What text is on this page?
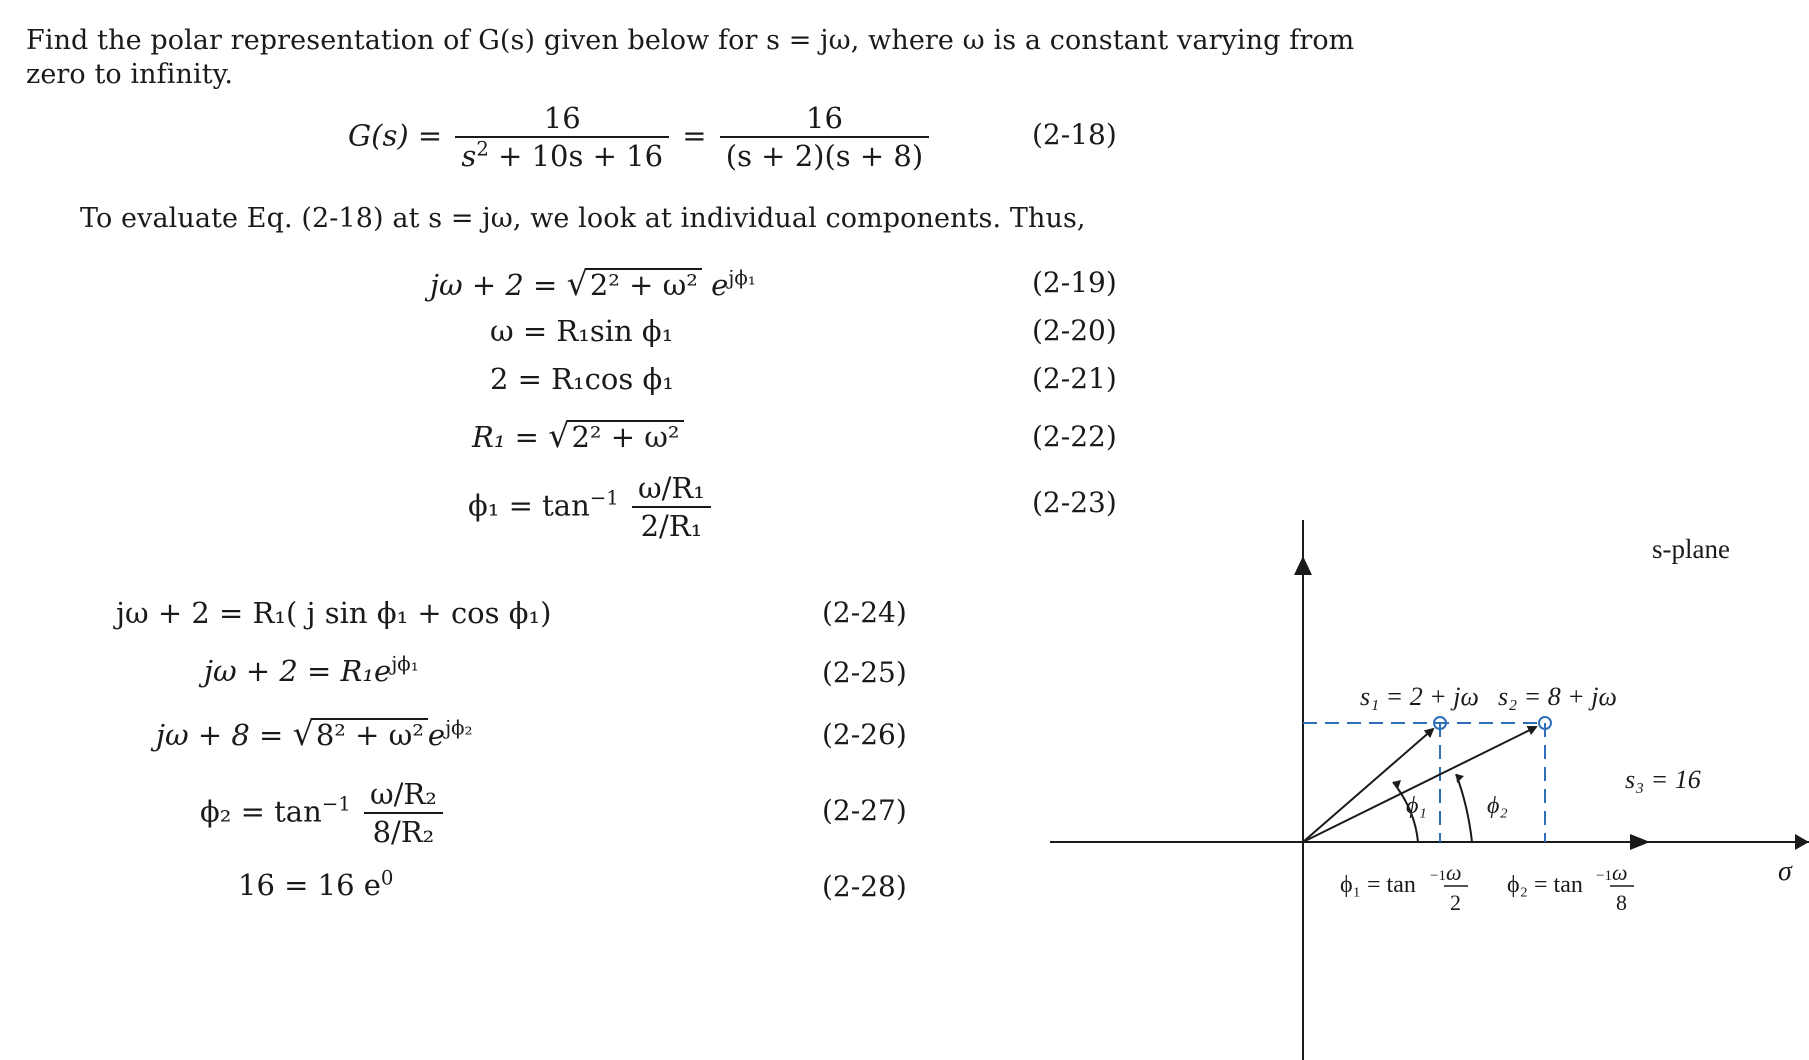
Find the polar representation of G(s) given below for s = jω, where ω is a constant varying from
zero to infinity.
$G(s) = \frac{16}{s^2 + 10s + 16} = \frac{16}{(s + 2)(s + 8)}$	(2-18)
To evaluate Eq. (2-18) at s = jω, we look at individual components. Thus,
jω + 2 = √2² + ω² $e^{j\phi_1}$	(2-19)
ω = R₁sin ϕ₁	(2-20)
2 = R₁cos ϕ₁	(2-21)
R₁ = √2² + ω²	(2-22)
$\phi_1 = \tan^{-1} \frac{\text{ω/R₁}}{\text{2/R₁}}$	(2-23)
jω + 2 = R₁( j sin ϕ₁ + cos ϕ₁)	(2-24)
$j\omega + 2 = R_1e^{j\phi_1}$	(2-25)
jω + 8 = √8² + ω² $e^{j\phi_2}$	(2-26)
$\phi_2 = \tan^{-1} \frac{\text{ω/R₂}}{\text{8/R₂}}$	(2-27)
16 = 16 $e^0$	(2-28)
s-plane
s₁ = 2 + jω s₂ = 8 + jω
s₃ = 16
ϕ₁	ϕ₂
σ
ϕ₁ = tan −1 ω
2
ϕ₂ = tan −1 ω
8
